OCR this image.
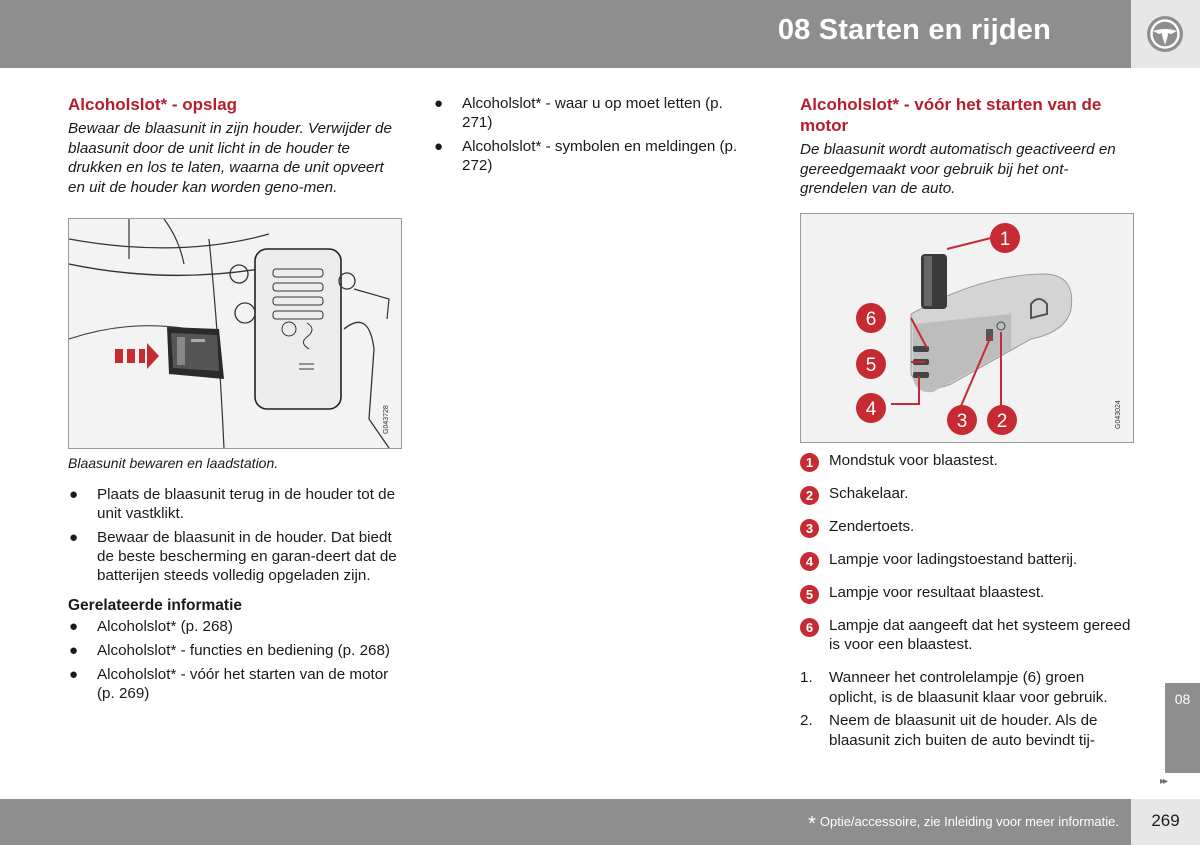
08 Starten en rijden
Alcoholslot* - opslag

Bewaar de blaasunit in zijn houder. Verwijder de blaasunit door de unit licht in de houder te drukken en los te laten, waarna de unit opveert en uit de houder kan worden geno-men.

G043728
Blaasunit bewaren en laadstation.
● Plaats de blaasunit terug in de houder tot de unit vastklikt.
● Bewaar de blaasunit in de houder. Dat biedt de beste bescherming en garan-deert dat de batterijen steeds volledig opgeladen zijn.
Gerelateerde informatie
● Alcoholslot* (p. 268)
● Alcoholslot* - functies en bediening (p. 268)
● Alcoholslot* - vóór het starten van de motor (p. 269)
● Alcoholslot* - waar u op moet letten (p. 271)
● Alcoholslot* - symbolen en meldingen (p. 272)
Alcoholslot* - vóór het starten van de motor

De blaasunit wordt automatisch geactiveerd en gereedgemaakt voor gebruik bij het ont-grendelen van de auto.

1
6
5
4
3 2	G043024
1	Mondstuk voor blaastest.
2	Schakelaar.
3	Zendertoets.
4	Lampje voor ladingstoestand batterij.
5	Lampje voor resultaat blaastest.
6	Lampje dat aangeeft dat het systeem gereed is voor een blaastest.
1. Wanneer het controlelampje (6) groen oplicht, is de blaasunit klaar voor gebruik.
2. Neem de blaasunit uit de houder. Als de blaasunit zich buiten de auto bevindt tij-
08
▸▸
* Optie/accessoire, zie Inleiding voor meer informatie.	269
